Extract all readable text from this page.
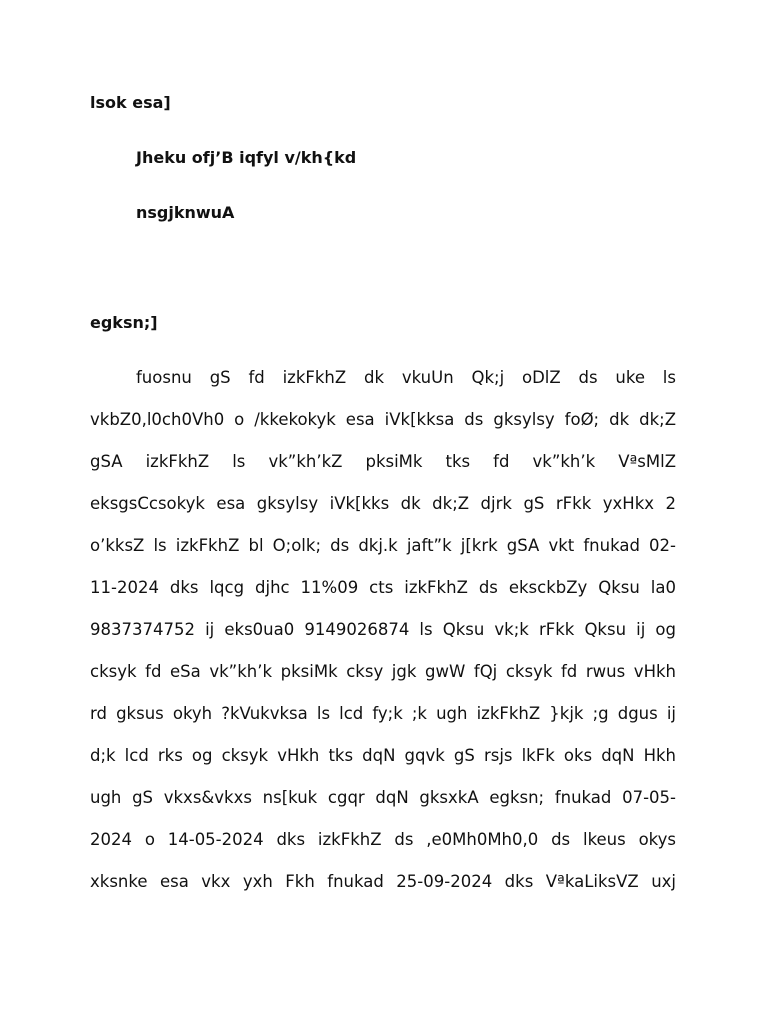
lsok esa]
Jheku ofj’B iqfyl v/kh{kd
nsgjknwuA
egksn;]
fuosnu gS fd izkFkhZ dk vkuUn Qk;j oDlZ ds uke ls
vkbZ0,l0ch0Vh0 o /kkekokyk esa iVk[kksa ds gksylsy foØ; dk dk;Z
gSA izkFkhZ ls vk”kh’kZ pksiMk tks fd vk”kh’k VªsMlZ
eksgsCcsokyk esa gksylsy iVk[kks dk dk;Z djrk gS rFkk yxHkx 2
o’kksZ ls izkFkhZ bl O;olk; ds dkj.k jaft”k j[krk gSA vkt fnukad 02-
11-2024 dks lqcg djhc 11%09 cts izkFkhZ ds eksckbZy Qksu la0
9837374752 ij eks0ua0 9149026874 ls Qksu vk;k rFkk Qksu ij og
cksyk fd eSa vk”kh’k pksiMk cksy jgk gwW fQj cksyk fd rwus vHkh
rd gksus okyh ?kVukvksa ls lcd fy;k ;k ugh izkFkhZ }kjk ;g dgus ij
d;k lcd rks og cksyk vHkh tks dqN gqvk gS rsjs lkFk oks dqN Hkh
ugh gS vkxs&vkxs ns[kuk cgqr dqN gksxkA egksn; fnukad 07-05-
2024 o 14-05-2024 dks izkFkhZ ds ,e0Mh0Mh0,0 ds lkeus okys
xksnke esa vkx yxh Fkh fnukad 25-09-2024 dks VªkaLiksVZ uxj
